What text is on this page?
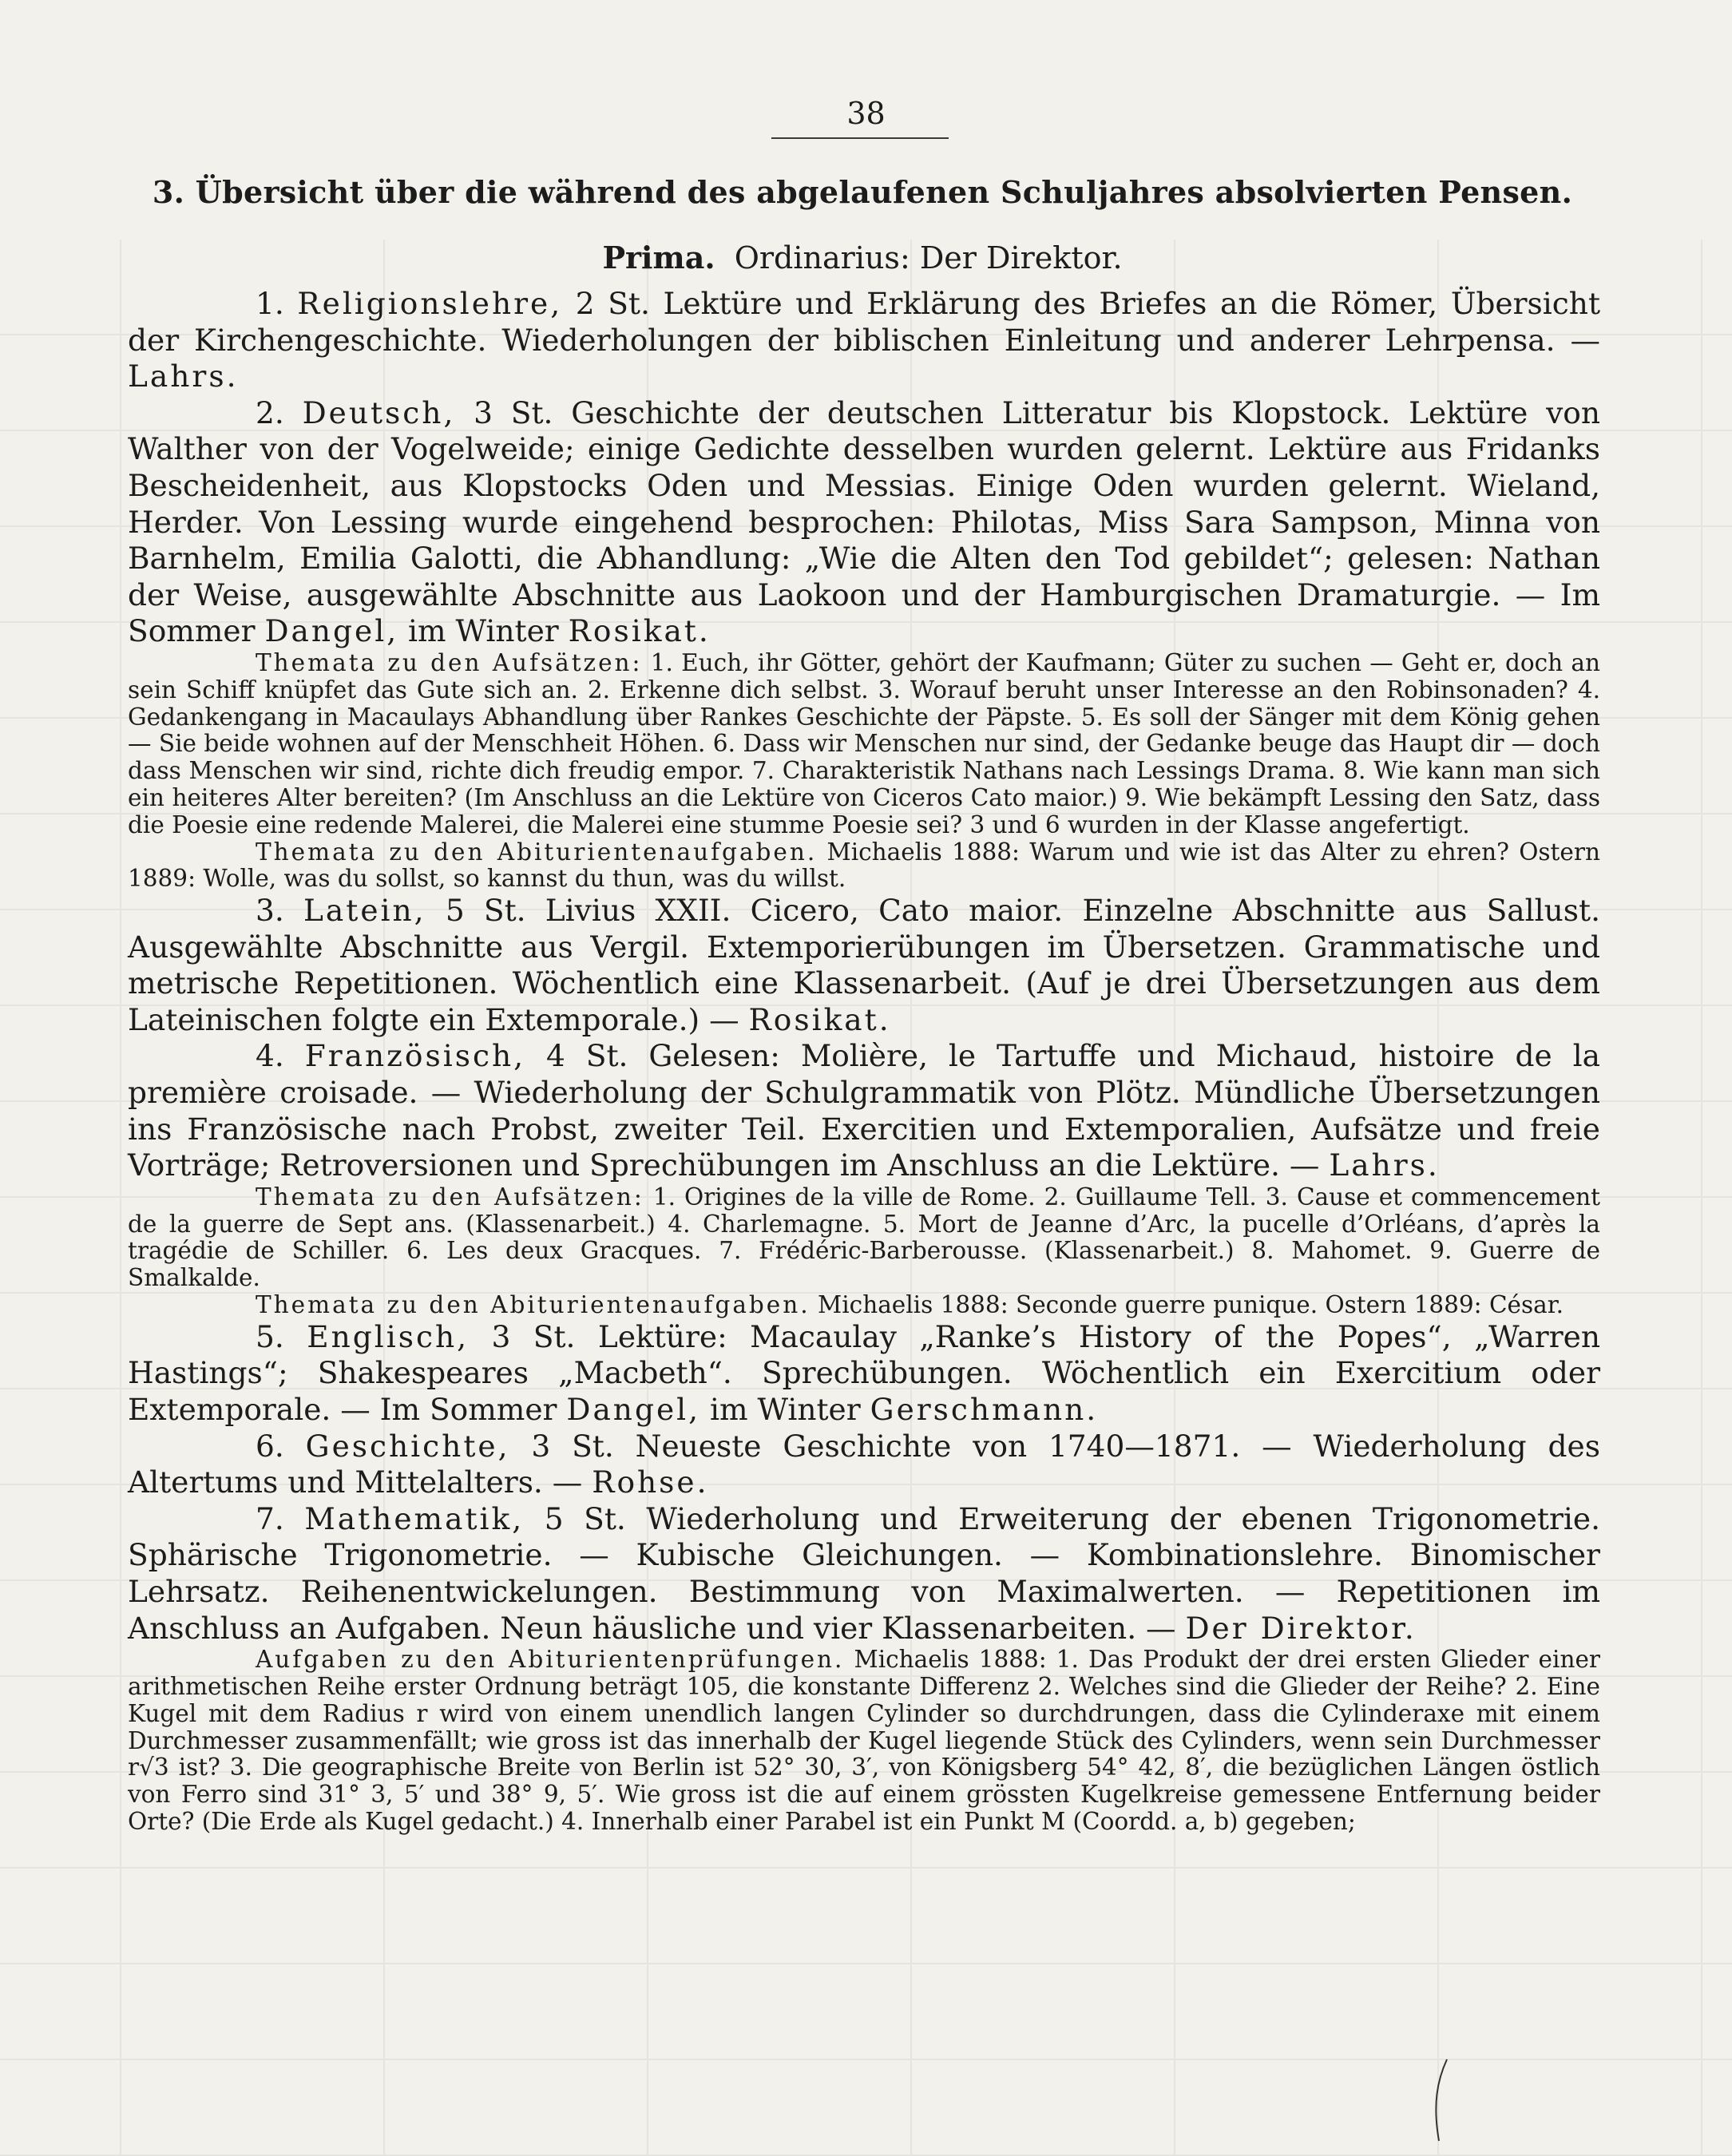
38
3. Übersicht über die während des abgelaufenen Schuljahres absolvierten Pensen.
Prima. Ordinarius: Der Direktor.

1. Religionslehre, 2 St. Lektüre und Erklärung des Briefes an die Römer, Übersicht der Kirchengeschichte. Wiederholungen der biblischen Einleitung und anderer Lehrpensa. — Lahrs.

2. Deutsch, 3 St. Geschichte der deutschen Litteratur bis Klopstock. Lektüre von Walther von der Vogelweide; einige Gedichte desselben wurden gelernt. Lektüre aus Fridanks Bescheidenheit, aus Klopstocks Oden und Messias. Einige Oden wurden gelernt. Wieland, Herder. Von Lessing wurde eingehend besprochen: Philotas, Miss Sara Sampson, Minna von Barnhelm, Emilia Galotti, die Abhandlung: „Wie die Alten den Tod gebildet“; gelesen: Nathan der Weise, ausgewählte Abschnitte aus Laokoon und der Hamburgischen Dramaturgie. — Im Sommer Dangel, im Winter Rosikat.

Themata zu den Aufsätzen: 1. Euch, ihr Götter, gehört der Kaufmann; Güter zu suchen — Geht er, doch an sein Schiff knüpfet das Gute sich an. 2. Erkenne dich selbst. 3. Worauf beruht unser Interesse an den Robinsonaden? 4. Gedankengang in Macaulays Abhandlung über Rankes Geschichte der Päpste. 5. Es soll der Sänger mit dem König gehen — Sie beide wohnen auf der Menschheit Höhen. 6. Dass wir Menschen nur sind, der Gedanke beuge das Haupt dir — doch dass Menschen wir sind, richte dich freudig empor. 7. Charakteristik Nathans nach Lessings Drama. 8. Wie kann man sich ein heiteres Alter bereiten? (Im Anschluss an die Lektüre von Ciceros Cato maior.) 9. Wie bekämpft Lessing den Satz, dass die Poesie eine redende Malerei, die Malerei eine stumme Poesie sei? 3 und 6 wurden in der Klasse angefertigt.

Themata zu den Abiturientenaufgaben. Michaelis 1888: Warum und wie ist das Alter zu ehren? Ostern 1889: Wolle, was du sollst, so kannst du thun, was du willst.

3. Latein, 5 St. Livius XXII. Cicero, Cato maior. Einzelne Abschnitte aus Sallust. Ausgewählte Abschnitte aus Vergil. Extemporierübungen im Übersetzen. Grammatische und metrische Repetitionen. Wöchentlich eine Klassenarbeit. (Auf je drei Übersetzungen aus dem Lateinischen folgte ein Extemporale.) — Rosikat.

4. Französisch, 4 St. Gelesen: Molière, le Tartuffe und Michaud, histoire de la première croisade. — Wiederholung der Schulgrammatik von Plötz. Mündliche Übersetzungen ins Französische nach Probst, zweiter Teil. Exercitien und Extemporalien, Aufsätze und freie Vorträge; Retroversionen und Sprechübungen im Anschluss an die Lektüre. — Lahrs.

Themata zu den Aufsätzen: 1. Origines de la ville de Rome. 2. Guillaume Tell. 3. Cause et commencement de la guerre de Sept ans. (Klassenarbeit.) 4. Charlemagne. 5. Mort de Jeanne d’Arc, la pucelle d’Orléans, d’après la tragédie de Schiller. 6. Les deux Gracques. 7. Frédéric-Barberousse. (Klassenarbeit.) 8. Mahomet. 9. Guerre de Smalkalde.

Themata zu den Abiturientenaufgaben. Michaelis 1888: Seconde guerre punique. Ostern 1889: César.

5. Englisch, 3 St. Lektüre: Macaulay „Ranke’s History of the Popes“, „Warren Hastings“; Shakespeares „Macbeth“. Sprechübungen. Wöchentlich ein Exercitium oder Extemporale. — Im Sommer Dangel, im Winter Gerschmann.

6. Geschichte, 3 St. Neueste Geschichte von 1740—1871. — Wiederholung des Altertums und Mittelalters. — Rohse.

7. Mathematik, 5 St. Wiederholung und Erweiterung der ebenen Trigonometrie. Sphärische Trigonometrie. — Kubische Gleichungen. — Kombinationslehre. Binomischer Lehrsatz. Reihenentwickelungen. Bestimmung von Maximalwerten. — Repetitionen im Anschluss an Aufgaben. Neun häusliche und vier Klassenarbeiten. — Der Direktor.

Aufgaben zu den Abiturientenprüfungen. Michaelis 1888: 1. Das Produkt der drei ersten Glieder einer arithmetischen Reihe erster Ordnung beträgt 105, die konstante Differenz 2. Welches sind die Glieder der Reihe? 2. Eine Kugel mit dem Radius r wird von einem unendlich langen Cylinder so durchdrungen, dass die Cylinderaxe mit einem Durchmesser zusammenfällt; wie gross ist das innerhalb der Kugel liegende Stück des Cylinders, wenn sein Durchmesser r√3 ist? 3. Die geographische Breite von Berlin ist 52° 30, 3′, von Königsberg 54° 42, 8′, die bezüglichen Längen östlich von Ferro sind 31° 3, 5′ und 38° 9, 5′. Wie gross ist die auf einem grössten Kugelkreise gemessene Entfernung beider Orte? (Die Erde als Kugel gedacht.) 4. Innerhalb einer Parabel ist ein Punkt M (Coordd. a, b) gegeben;
